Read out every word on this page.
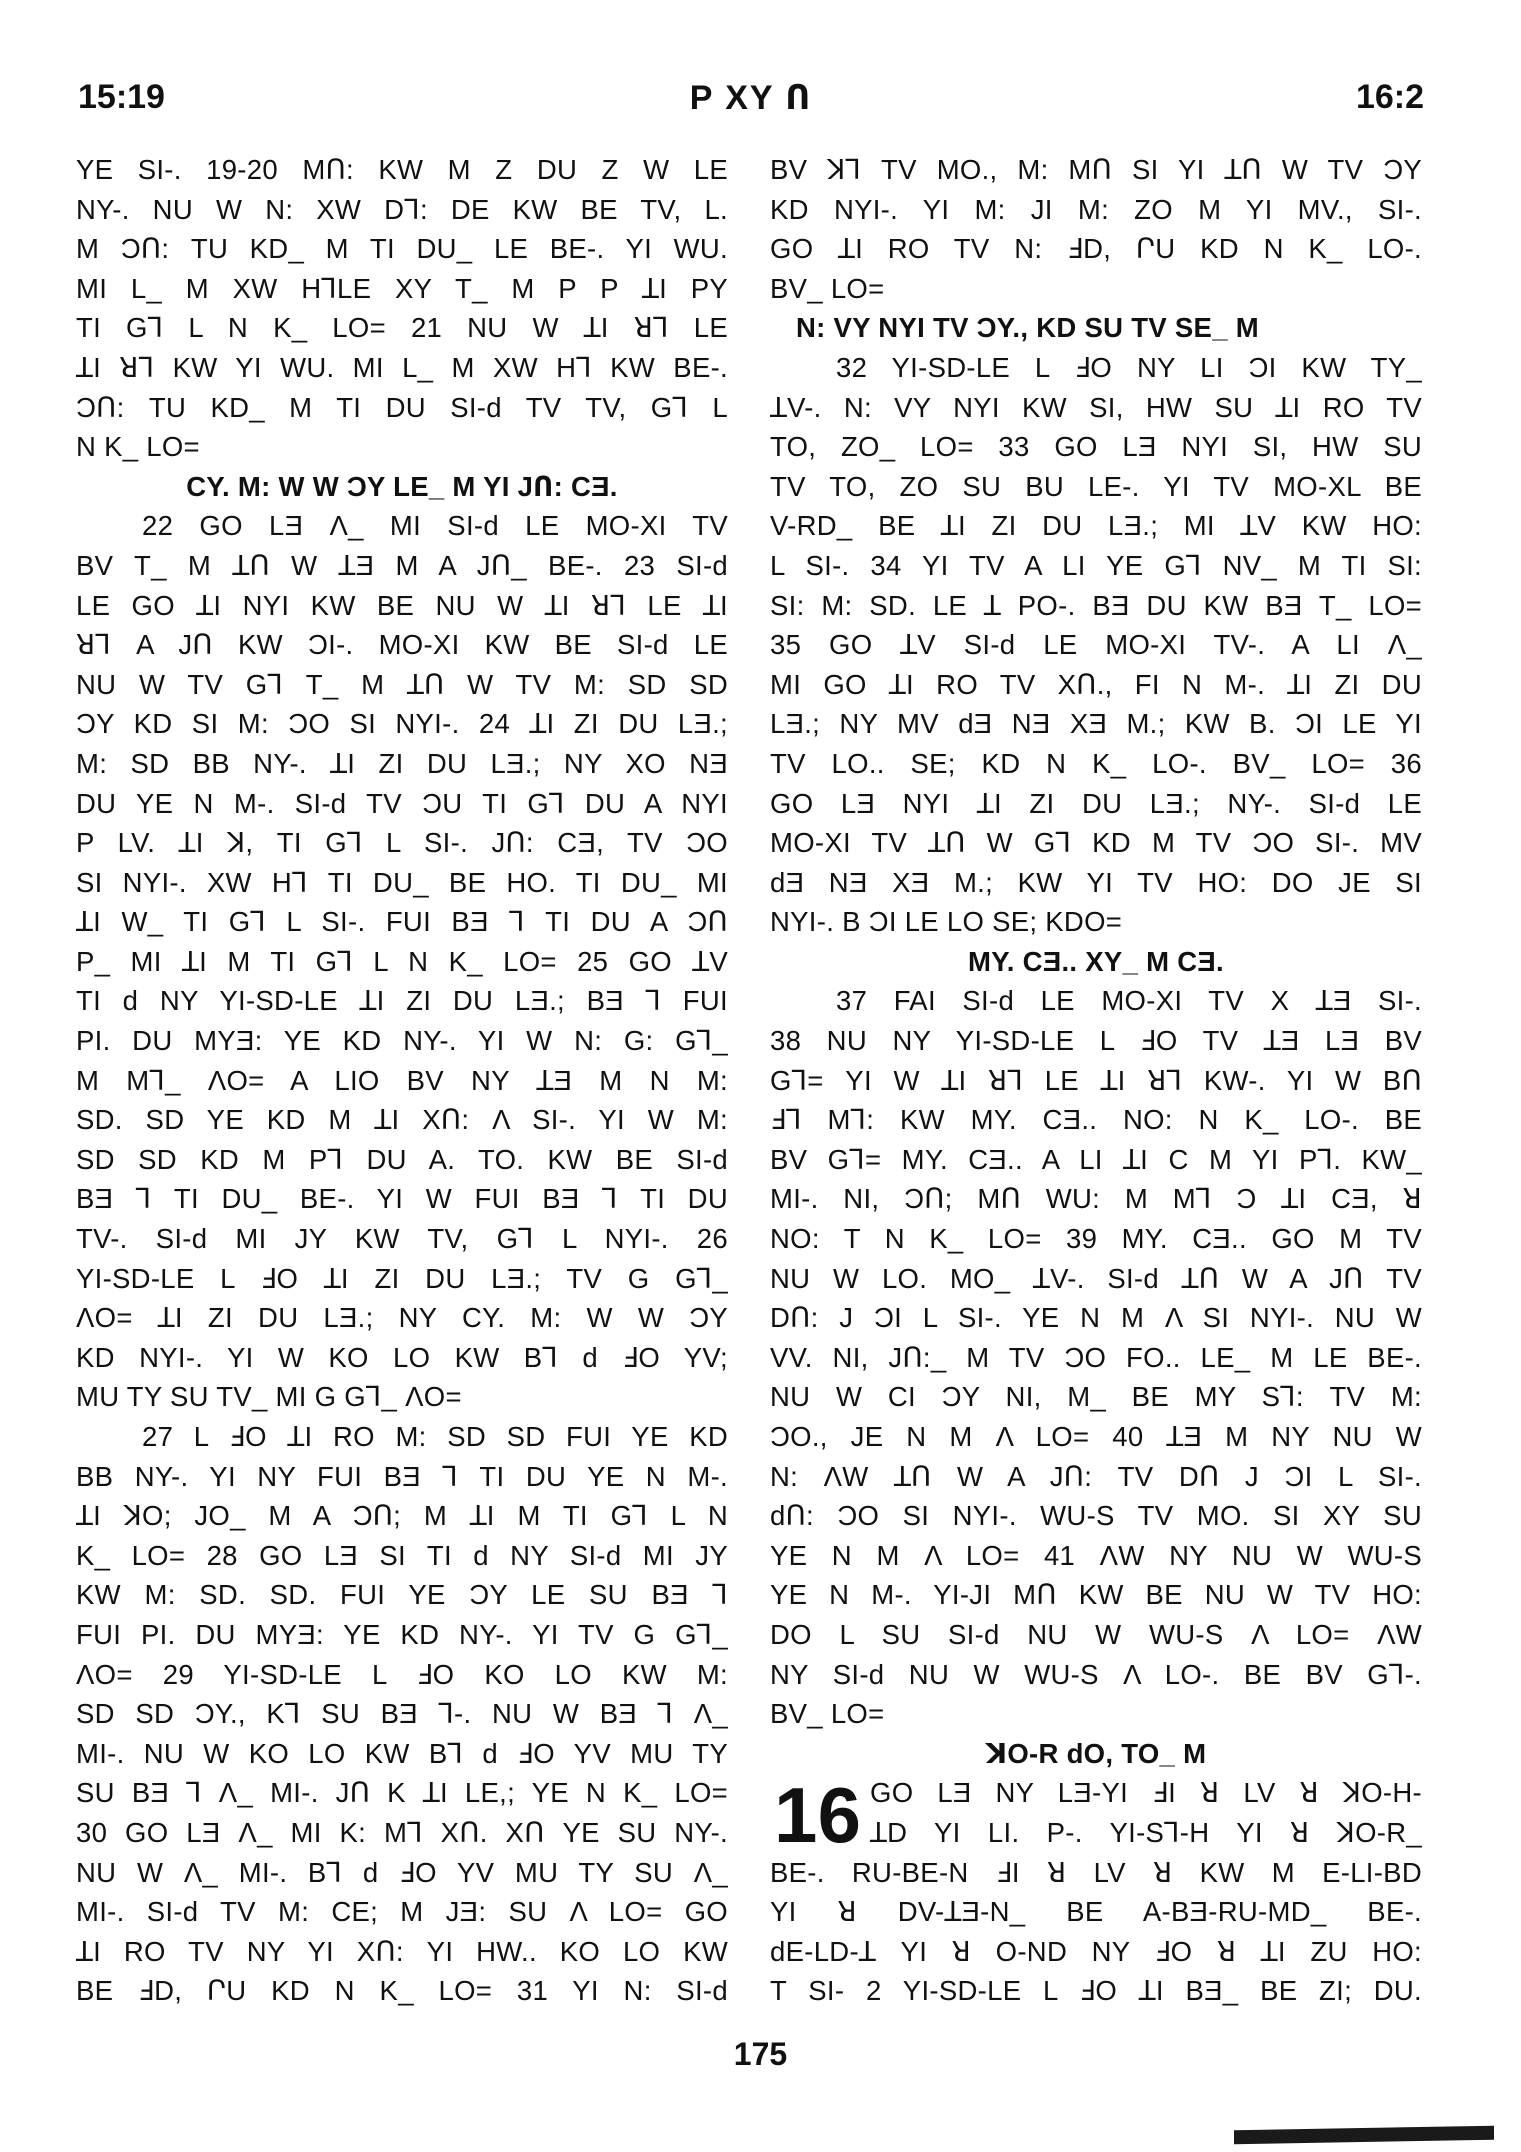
15:19	P XY Ո	16:2
YE SI-. 19-20 MՈ: KW M Z DU Z W LE
NY-. NU W N: XW Dꓶ: DE KW BE TV, L.
M ƆՈ: TU KD_ M TI DU_ LE BE-. YI WU.
MI L_ M XW HꓶLE XY T_ M P P ꓕI PY
TI Gꓶ L N K_ LO= 21 NU W ꓕI ꓤꓶ LE
ꓕI ꓤꓶ KW YI WU. MI L_ M XW Hꓶ KW BE-.
ƆՈ: TU KD_ M TI DU SI-d TV TV, Gꓶ L
N K_ LO=
CY. M: W W ƆY LE_ M YI JՈ: CƎ.
22 GO LƎ Λ_ MI SI-d LE MO-XI TV
BV T_ M ꓕՈ W ꓕƎ M A JՈ_ BE-. 23 SI-d
LE GO ꓕI NYI KW BE NU W ꓕI ꓤꓶ LE ꓕI
ꓤꓶ A JՈ KW ƆI-. MO-XI KW BE SI-d LE
NU W TV Gꓶ T_ M ꓕՈ W TV M: SD SD
ƆY KD SI M: ƆO SI NYI-. 24 ꓕI ZI DU LƎ.;
M: SD BB NY-. ꓕI ZI DU LƎ.; NY XO NƎ
DU YE N M-. SI-d TV ƆU TI Gꓶ DU A NYI
P LV. ꓕI ꓘ, TI Gꓶ L SI-. JՈ: CƎ, TV ƆO
SI NYI-. XW Hꓶ TI DU_ BE HO. TI DU_ MI
ꓕI W_ TI Gꓶ L SI-. FUI BƎ ꓶ TI DU A ƆՈ
P_ MI ꓕI M TI Gꓶ L N K_ LO= 25 GO ꓕV
TI d NY YI-SD-LE ꓕI ZI DU LƎ.; BƎ ꓶ FUI
PI. DU MYƎ: YE KD NY-. YI W N: G: Gꓶ_
M Mꓶ_ ΛO= A LIO BV NY ꓕƎ M N M:
SD. SD YE KD M ꓕI XՈ: Λ SI-. YI W M:
SD SD KD M Pꓶ DU A. TO. KW BE SI-d
BƎ ꓶ TI DU_ BE-. YI W FUI BƎ ꓶ TI DU
TV-. SI-d MI JY KW TV, Gꓶ L NYI-. 26
YI-SD-LE L ꓞO ꓕI ZI DU LƎ.; TV G Gꓶ_
ΛO= ꓕI ZI DU LƎ.; NY CY. M: W W ƆY
KD NYI-. YI W KO LO KW Bꓶ d ꓞO YV;
MU TY SU TV_ MI G Gꓶ_ ΛO=
27 L ꓞO ꓕI RO M: SD SD FUI YE KD
BB NY-. YI NY FUI BƎ ꓶ TI DU YE N M-.
ꓕI ꓘO; JO_ M A ƆՈ; M ꓕI M TI Gꓶ L N
K_ LO= 28 GO LƎ SI TI d NY SI-d MI JY
KW M: SD. SD. FUI YE ƆY LE SU BƎ ꓶ
FUI PI. DU MYƎ: YE KD NY-. YI TV G Gꓶ_
ΛO= 29 YI-SD-LE L ꓞO KO LO KW M:
SD SD ƆY., Kꓶ SU BƎ ꓶ-. NU W BƎ ꓶ Λ_
MI-. NU W KO LO KW Bꓶ d ꓞO YV MU TY
SU BƎ ꓶ Λ_ MI-. JՈ K ꓕI LE,; YE N K_ LO=
30 GO LƎ Λ_ MI K: Mꓶ XՈ. XՈ YE SU NY-.
NU W Λ_ MI-. Bꓶ d ꓞO YV MU TY SU Λ_
MI-. SI-d TV M: CE; M JƎ: SU Λ LO= GO
ꓕI RO TV NY YI XՈ: YI HW.. KO LO KW
BE ꓞD, ՐU KD N K_ LO= 31 YI N: SI-d
BV ꓘꓶ TV MO., M: MՈ SI YI ꓕՈ W TV ƆY
KD NYI-. YI M: JI M: ZO M YI MV., SI-.
GO ꓕI RO TV N: ꓞD, ՐU KD N K_ LO-.
BV_ LO=
N: VY NYI TV ƆY., KD SU TV SE_ M
32 YI-SD-LE L ꓞO NY LI ƆI KW TY_
ꓕV-. N: VY NYI KW SI, HW SU ꓕI RO TV
TO, ZO_ LO= 33 GO LƎ NYI SI, HW SU
TV TO, ZO SU BU LE-. YI TV MO-XL BE
V-RD_ BE ꓕI ZI DU LƎ.; MI ꓕV KW HO:
L SI-. 34 YI TV A LI YE Gꓶ NV_ M TI SI:
SI: M: SD. LE ꓕ PO-. BƎ DU KW BƎ T_ LO=
35 GO ꓕV SI-d LE MO-XI TV-. A LI Λ_
MI GO ꓕI RO TV XՈ., FI N M-. ꓕI ZI DU
LƎ.; NY MV dƎ NƎ XƎ M.; KW B. ƆI LE YI
TV LO.. SE; KD N K_ LO-. BV_ LO= 36
GO LƎ NYI ꓕI ZI DU LƎ.; NY-. SI-d LE
MO-XI TV ꓕՈ W Gꓶ KD M TV ƆO SI-. MV
dƎ NƎ XƎ M.; KW YI TV HO: DO JE SI
NYI-. B ƆI LE LO SE; KDO=
MY. CƎ.. XY_ M CƎ.
37 FAI SI-d LE MO-XI TV X ꓕƎ SI-.
38 NU NY YI-SD-LE L ꓞO TV ꓕƎ LƎ BV
Gꓶ= YI W ꓕI ꓤꓶ LE ꓕI ꓤꓶ KW-. YI W BՈ
ꓞꓶ Mꓶ: KW MY. CƎ.. NO: N K_ LO-. BE
BV Gꓶ= MY. CƎ.. A LI ꓕI C M YI Pꓶ. KW_
MI-. NI, ƆՈ; MՈ WU: M Mꓶ Ɔ ꓕI CƎ, ꓤ
NO: T N K_ LO= 39 MY. CƎ.. GO M TV
NU W LO. MO_ ꓕV-. SI-d ꓕՈ W A JՈ TV
DՈ: J ƆI L SI-. YE N M Λ SI NYI-. NU W
VV. NI, JՈ:_ M TV ƆO FO.. LE_ M LE BE-.
NU W CI ƆY NI, M_ BE MY Sꓶ: TV M:
ƆO., JE N M Λ LO= 40 ꓕƎ M NY NU W
N: ΛW ꓕՈ W A JՈ: TV DՈ J ƆI L SI-.
dՈ: ƆO SI NYI-. WU-S TV MO. SI XY SU
YE N M Λ LO= 41 ΛW NY NU W WU-S
YE N M-. YI-JI MՈ KW BE NU W TV HO:
DO L SU SI-d NU W WU-S Λ LO= ΛW
NY SI-d NU W WU-S Λ LO-. BE BV Gꓶ-.
BV_ LO=
ꓘO-R dO, TO_ M
16 GO LƎ NY LƎ-YI ꓞI ꓤ LV ꓤ ꓘO-H-
ꓕD YI LI. P-. YI-Sꓶ-H YI ꓤ ꓘO-R_
BE-. RU-BE-N ꓞI ꓤ LV ꓤ KW M E-LI-BD
YI ꓤ DV-ꓕƎ-N_ BE A-BƎ-RU-MD_ BE-.
dE-LD-ꓕ YI ꓤ O-ND NY ꓞO ꓤ ꓕI ZU HO:
T SI- 2 YI-SD-LE L ꓞO ꓕI BƎ_ BE ZI; DU.
175
